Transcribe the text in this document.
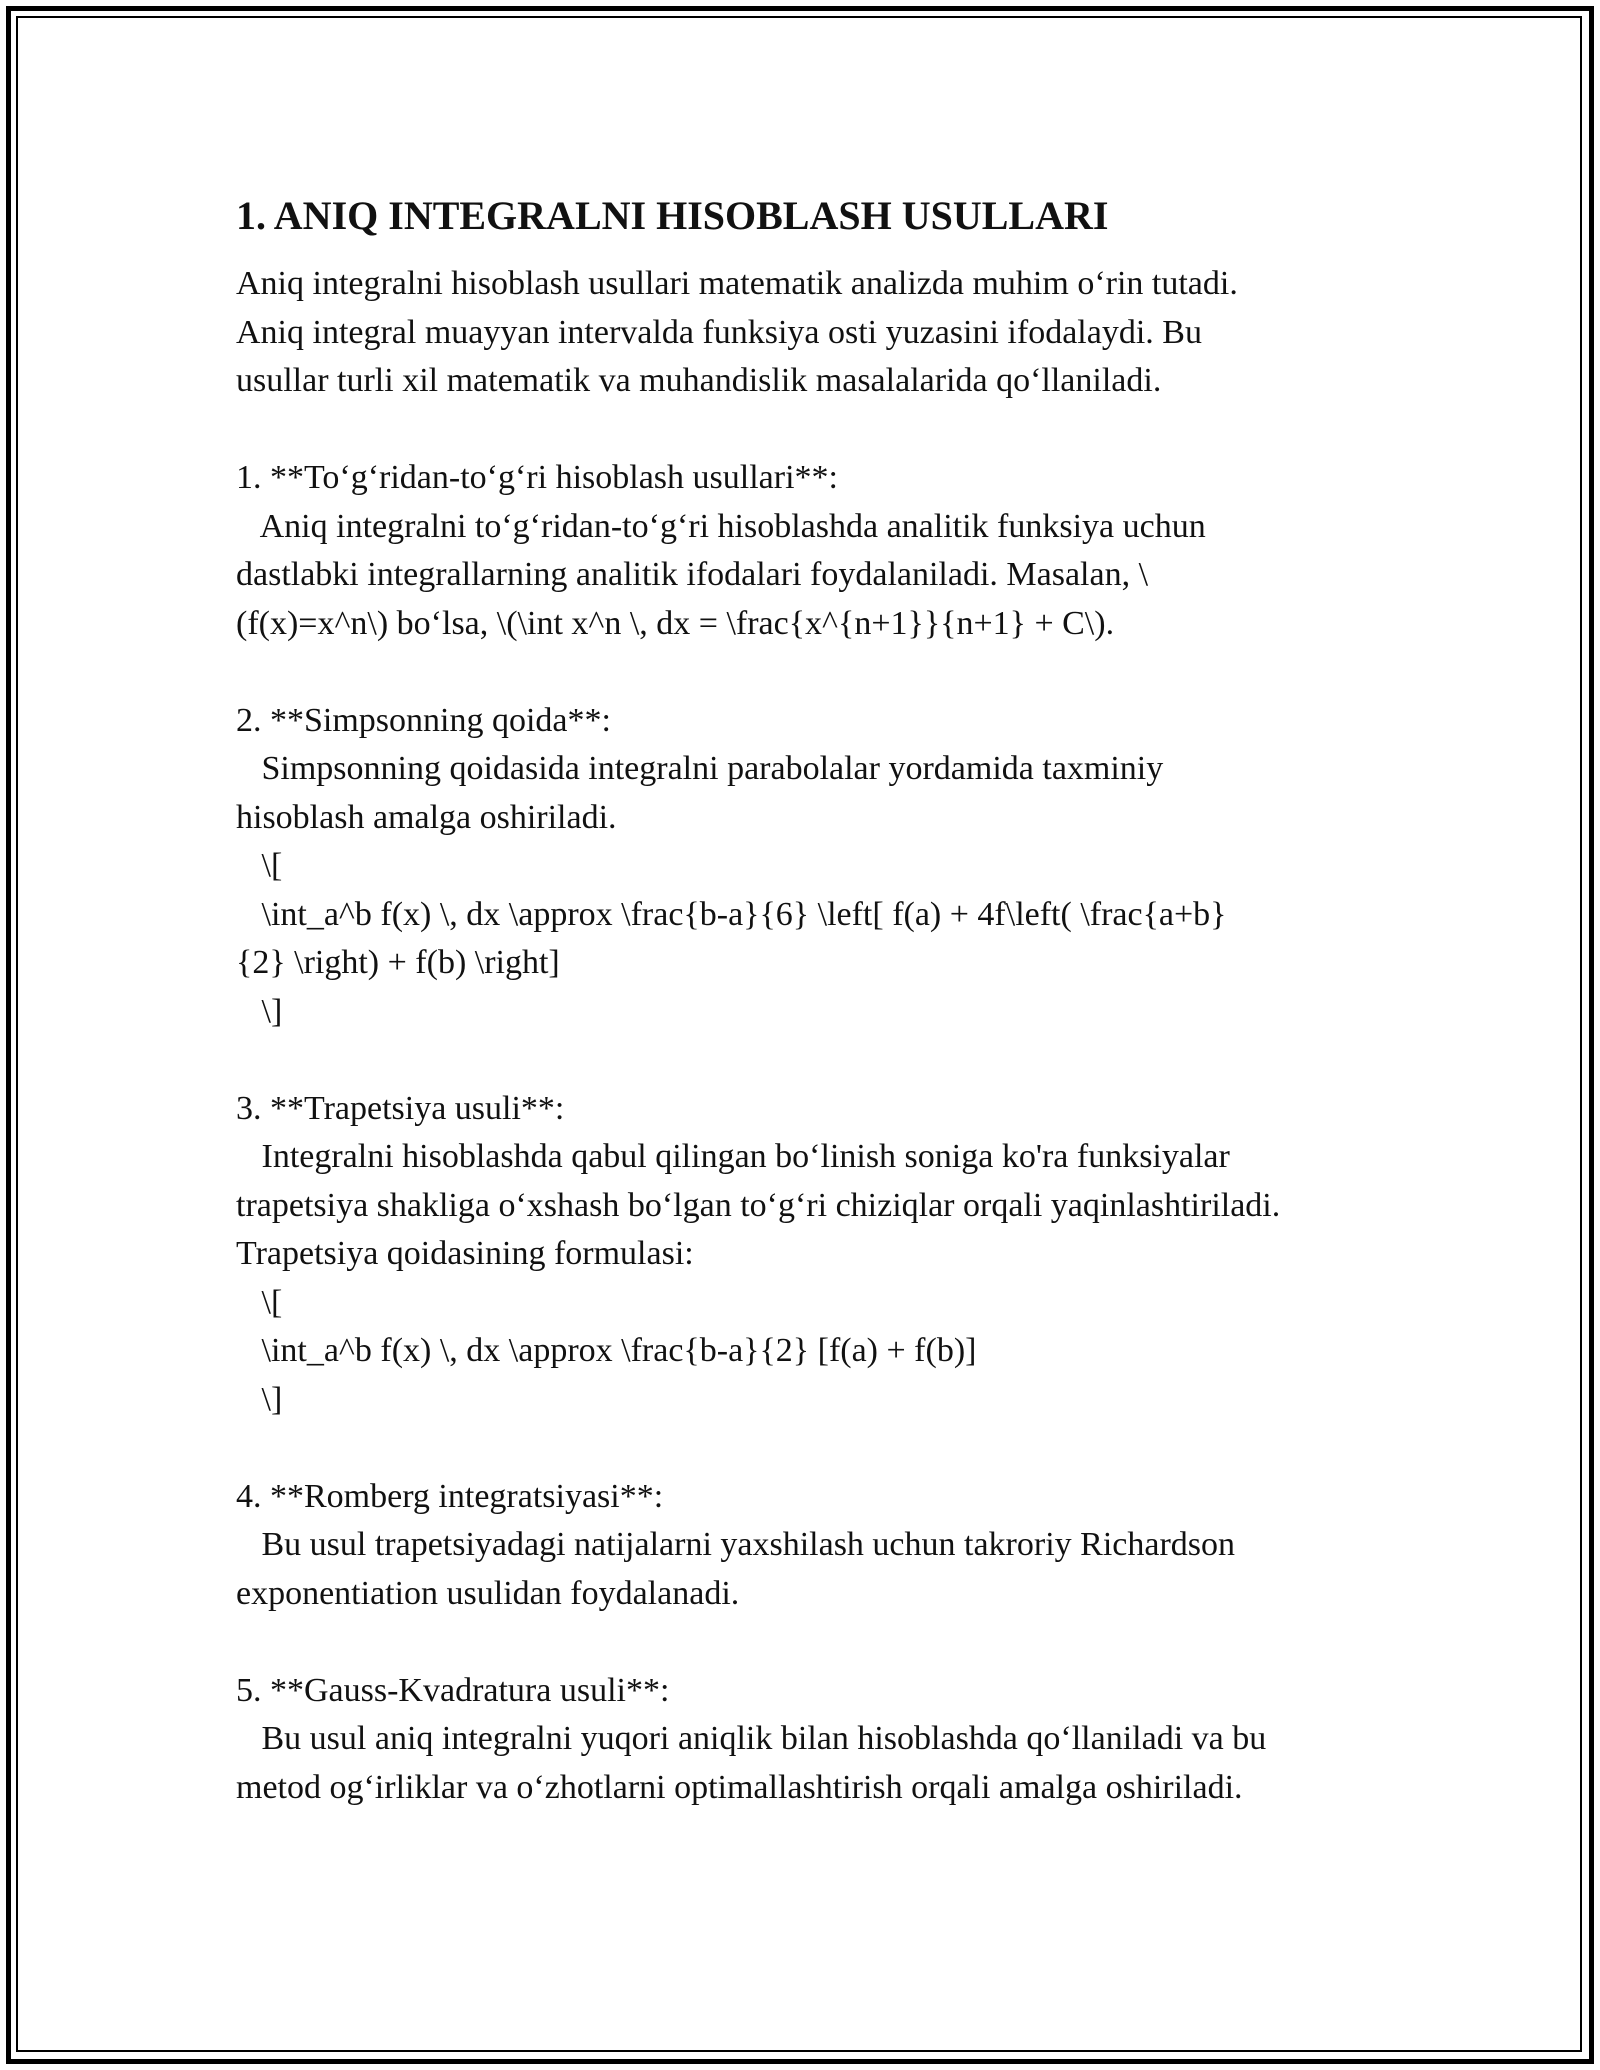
1. ANIQ INTEGRALNI HISOBLASH USULLARI
Aniq integralni hisoblash usullari matematik analizda muhim o‘rin tutadi.
Aniq integral muayyan intervalda funksiya osti yuzasini ifodalaydi. Bu
usullar turli xil matematik va muhandislik masalalarida qo‘llaniladi.
1. **To‘g‘ridan-to‘g‘ri hisoblash usullari**:
Aniq integralni to‘g‘ridan-to‘g‘ri hisoblashda analitik funksiya uchun
dastlabki integrallarning analitik ifodalari foydalaniladi. Masalan, \
(f(x)=x^n\) bo‘lsa, \(\int x^n \, dx = \frac{x^{n+1}}{n+1} + C\).
2. **Simpsonning qoida**:
Simpsonning qoidasida integralni parabolalar yordamida taxminiy
hisoblash amalga oshiriladi.
\[
\int_a^b f(x) \, dx \approx \frac{b-a}{6} \left[ f(a) + 4f\left( \frac{a+b}
{2} \right) + f(b) \right]
\]
3. **Trapetsiya usuli**:
Integralni hisoblashda qabul qilingan bo‘linish soniga ko'ra funksiyalar
trapetsiya shakliga o‘xshash bo‘lgan to‘g‘ri chiziqlar orqali yaqinlashtiriladi.
Trapetsiya qoidasining formulasi:
\[
\int_a^b f(x) \, dx \approx \frac{b-a}{2} [f(a) + f(b)]
\]
4. **Romberg integratsiyasi**:
Bu usul trapetsiyadagi natijalarni yaxshilash uchun takroriy Richardson
exponentiation usulidan foydalanadi.
5. **Gauss-Kvadratura usuli**:
Bu usul aniq integralni yuqori aniqlik bilan hisoblashda qo‘llaniladi va bu
metod og‘irliklar va o‘zhotlarni optimallashtirish orqali amalga oshiriladi.
